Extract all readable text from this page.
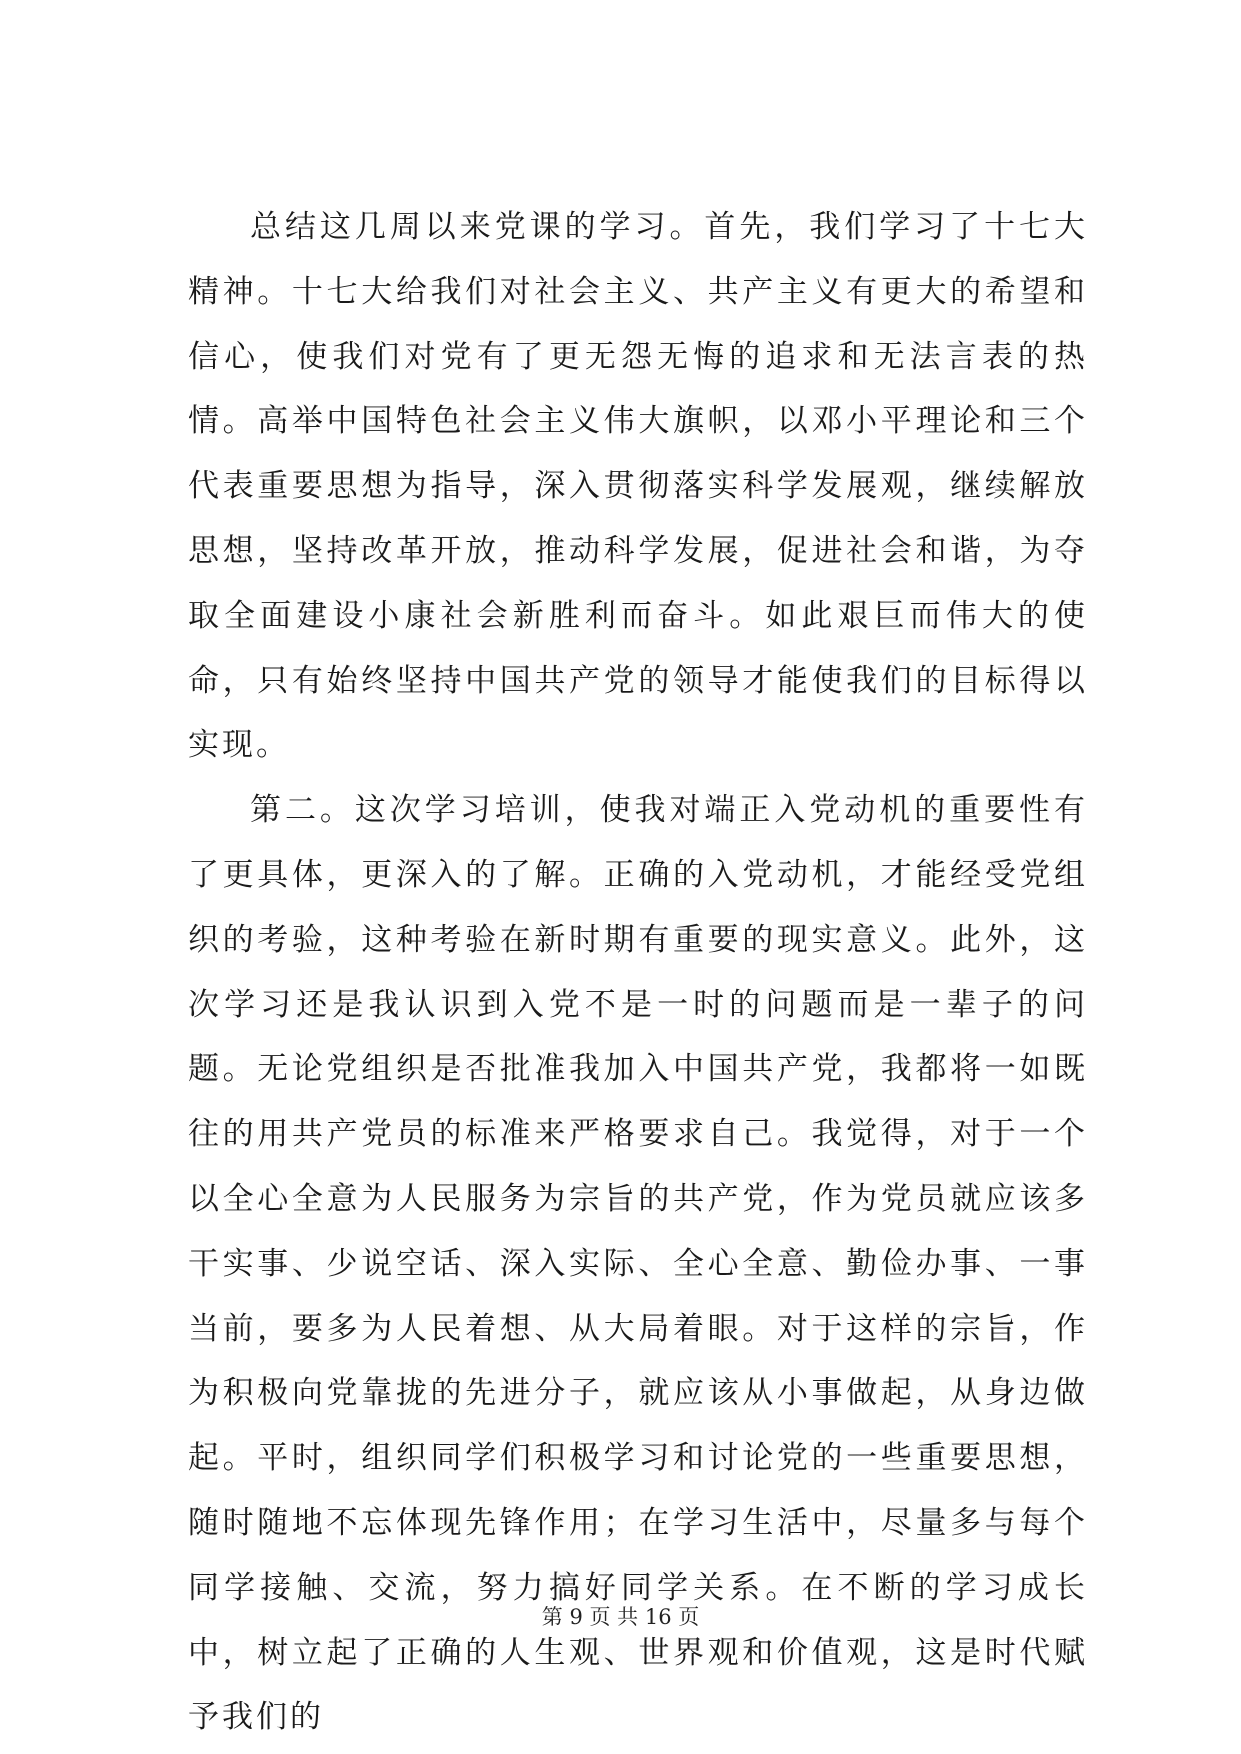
总结这几周以来党课的学习。首先，我们学习了十七大精神。十七大给我们对社会主义、共产主义有更大的希望和信心，使我们对党有了更无怨无悔的追求和无法言表的热情。高举中国特色社会主义伟大旗帜，以邓小平理论和三个代表重要思想为指导，深入贯彻落实科学发展观，继续解放思想，坚持改革开放，推动科学发展，促进社会和谐，为夺取全面建设小康社会新胜利而奋斗。如此艰巨而伟大的使命，只有始终坚持中国共产党的领导才能使我们的目标得以实现。

第二。这次学习培训，使我对端正入党动机的重要性有了更具体，更深入的了解。正确的入党动机，才能经受党组织的考验，这种考验在新时期有重要的现实意义。此外，这次学习还是我认识到入党不是一时的问题而是一辈子的问题。无论党组织是否批准我加入中国共产党，我都将一如既往的用共产党员的标准来严格要求自己。我觉得，对于一个以全心全意为人民服务为宗旨的共产党，作为党员就应该多干实事、少说空话、深入实际、全心全意、勤俭办事、一事当前，要多为人民着想、从大局着眼。对于这样的宗旨，作为积极向党靠拢的先进分子，就应该从小事做起，从身边做起。平时，组织同学们积极学习和讨论党的一些重要思想，随时随地不忘体现先锋作用；在学习生活中，尽量多与每个同学接触、交流，努力搞好同学关系。在不断的学习成长中，树立起了正确的人生观、世界观和价值观，这是时代赋予我们的

第 9 页 共 16 页
